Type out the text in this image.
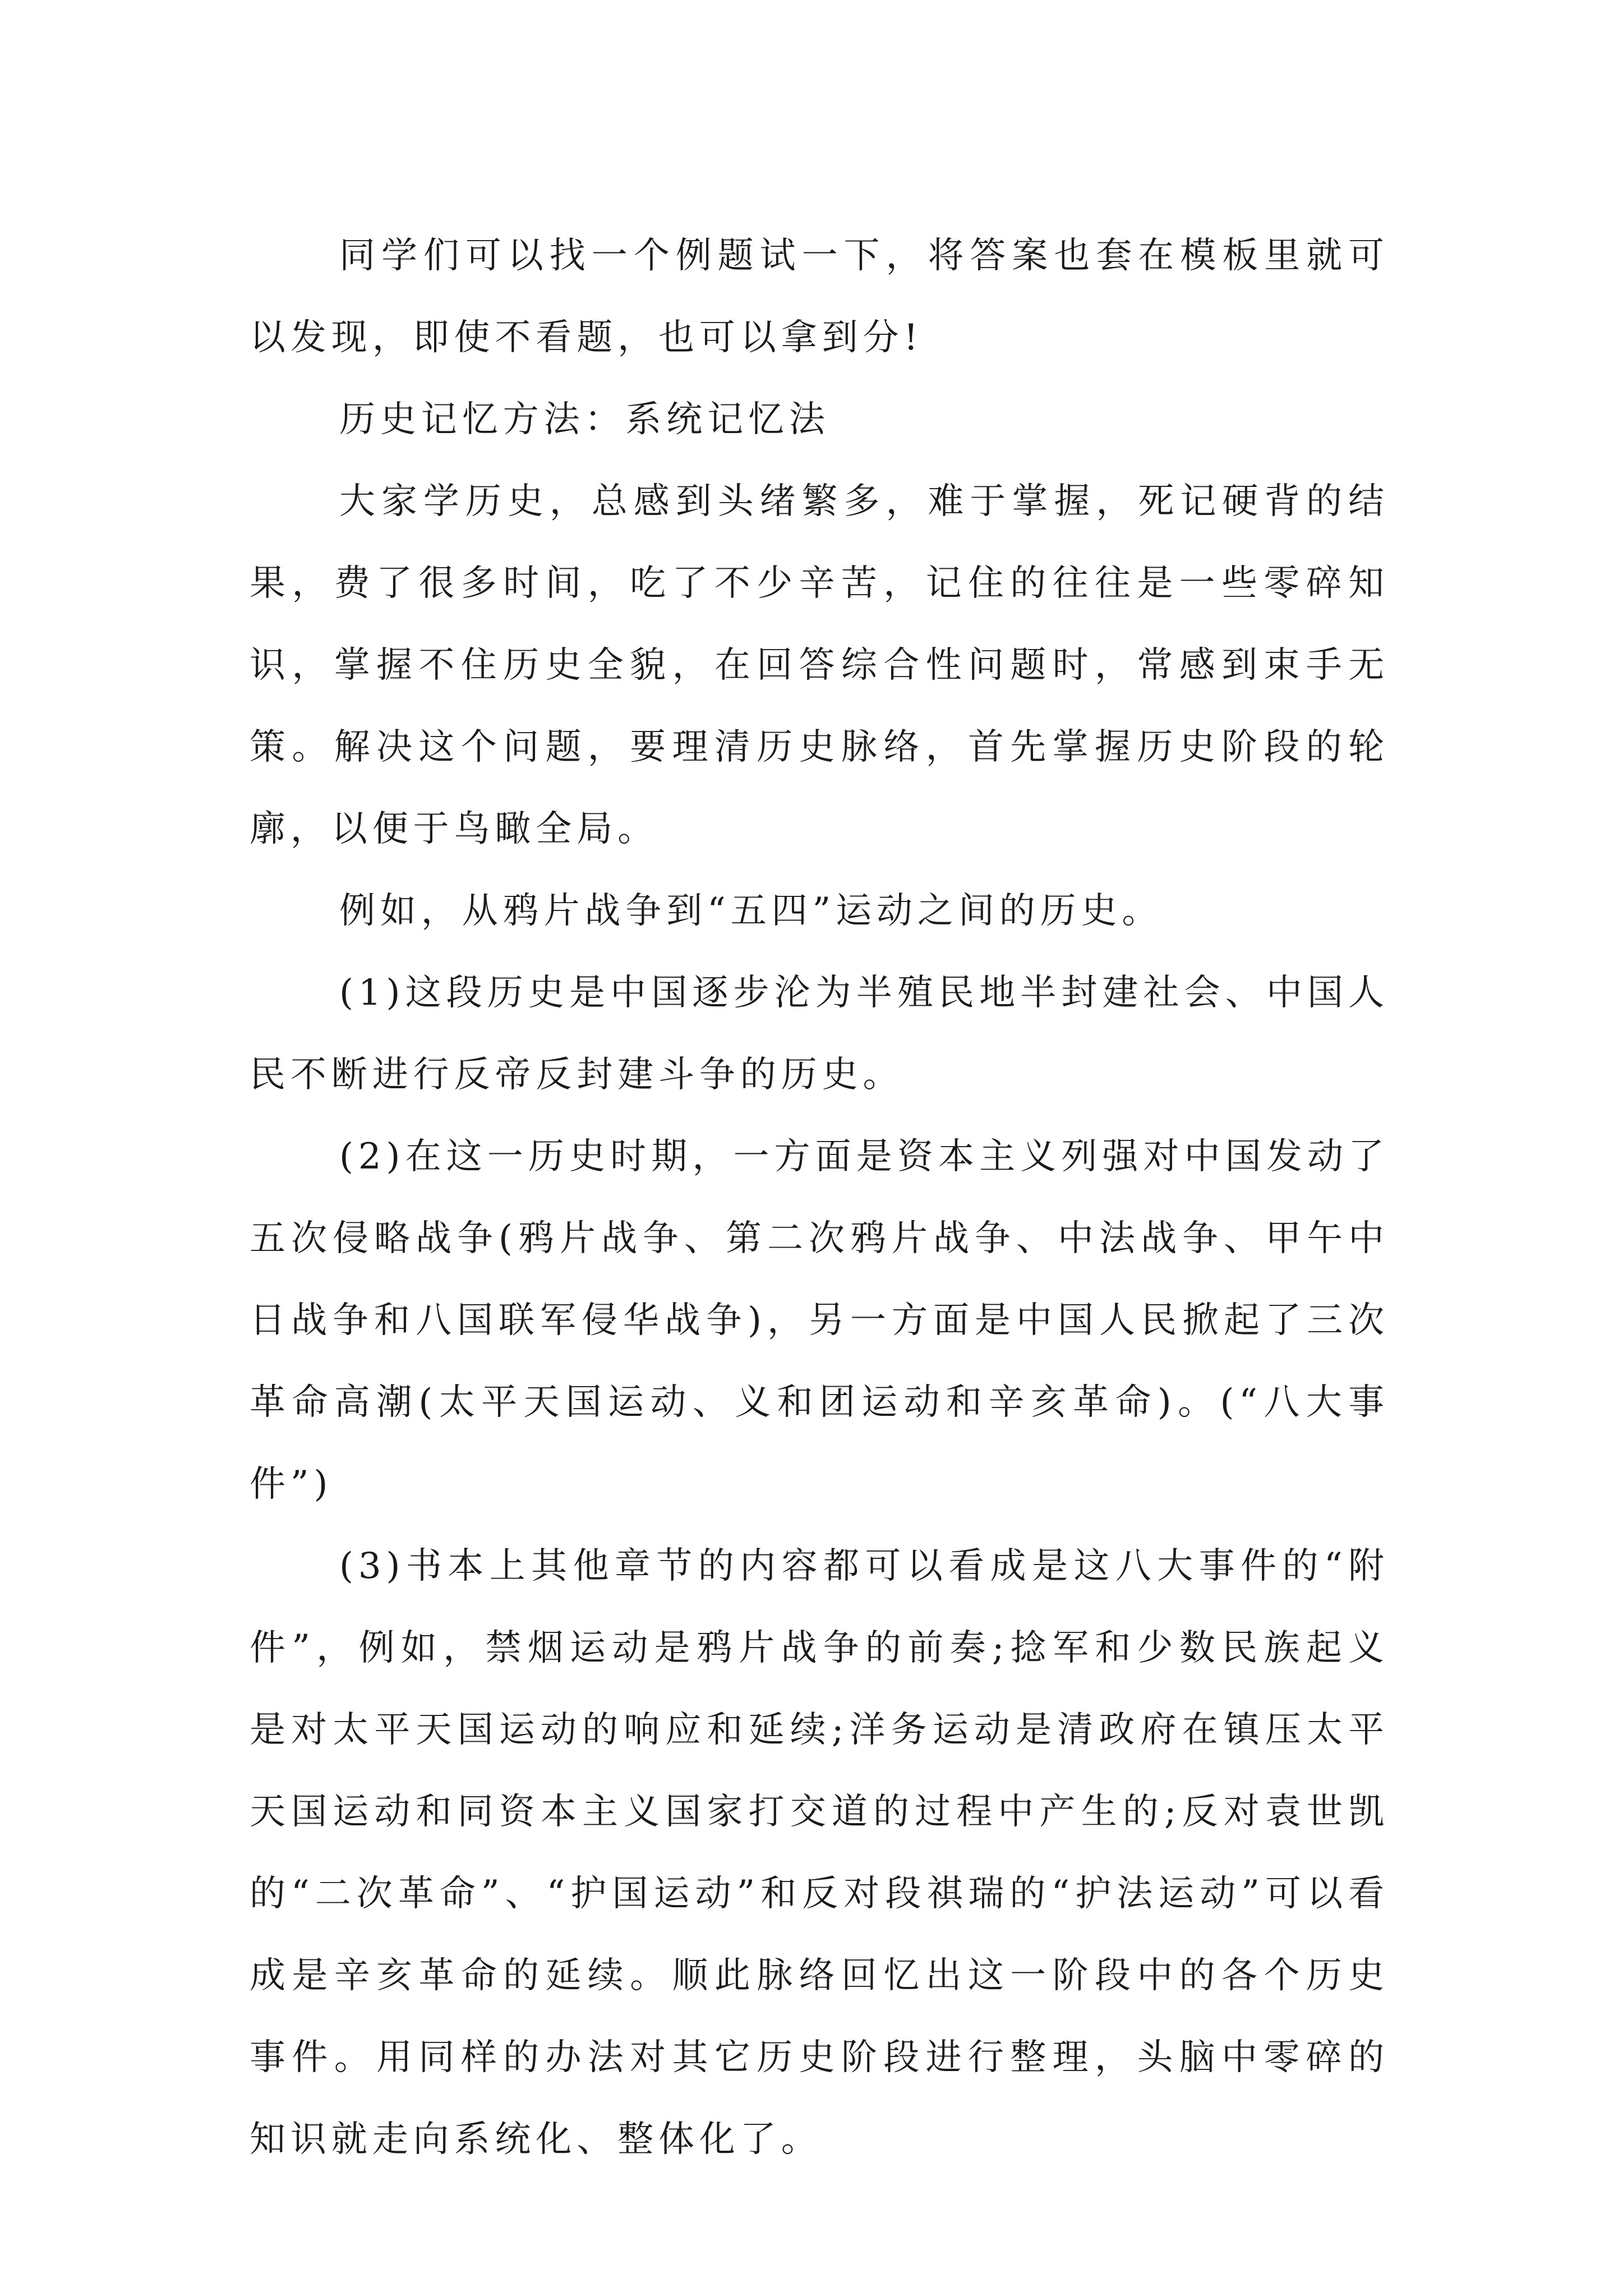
同学们可以找一个例题试一下，将答案也套在模板里就可以发现，即使不看题，也可以拿到分!

历史记忆方法：系统记忆法

大家学历史，总感到头绪繁多，难于掌握，死记硬背的结果，费了很多时间，吃了不少辛苦，记住的往往是一些零碎知识，掌握不住历史全貌，在回答综合性问题时，常感到束手无策。解决这个问题，要理清历史脉络，首先掌握历史阶段的轮廓，以便于鸟瞰全局。

例如，从鸦片战争到“五四”运动之间的历史。

(1)这段历史是中国逐步沦为半殖民地半封建社会、中国人民不断进行反帝反封建斗争的历史。

(2)在这一历史时期，一方面是资本主义列强对中国发动了五次侵略战争(鸦片战争、第二次鸦片战争、中法战争、甲午中日战争和八国联军侵华战争)，另一方面是中国人民掀起了三次革命高潮(太平天国运动、义和团运动和辛亥革命)。(“八大事件”)

(3)书本上其他章节的内容都可以看成是这八大事件的“附件”，例如，禁烟运动是鸦片战争的前奏;捻军和少数民族起义是对太平天国运动的响应和延续;洋务运动是清政府在镇压太平天国运动和同资本主义国家打交道的过程中产生的;反对袁世凯的“二次革命”、“护国运动”和反对段祺瑞的“护法运动”可以看成是辛亥革命的延续。顺此脉络回忆出这一阶段中的各个历史事件。用同样的办法对其它历史阶段进行整理，头脑中零碎的知识就走向系统化、整体化了。
